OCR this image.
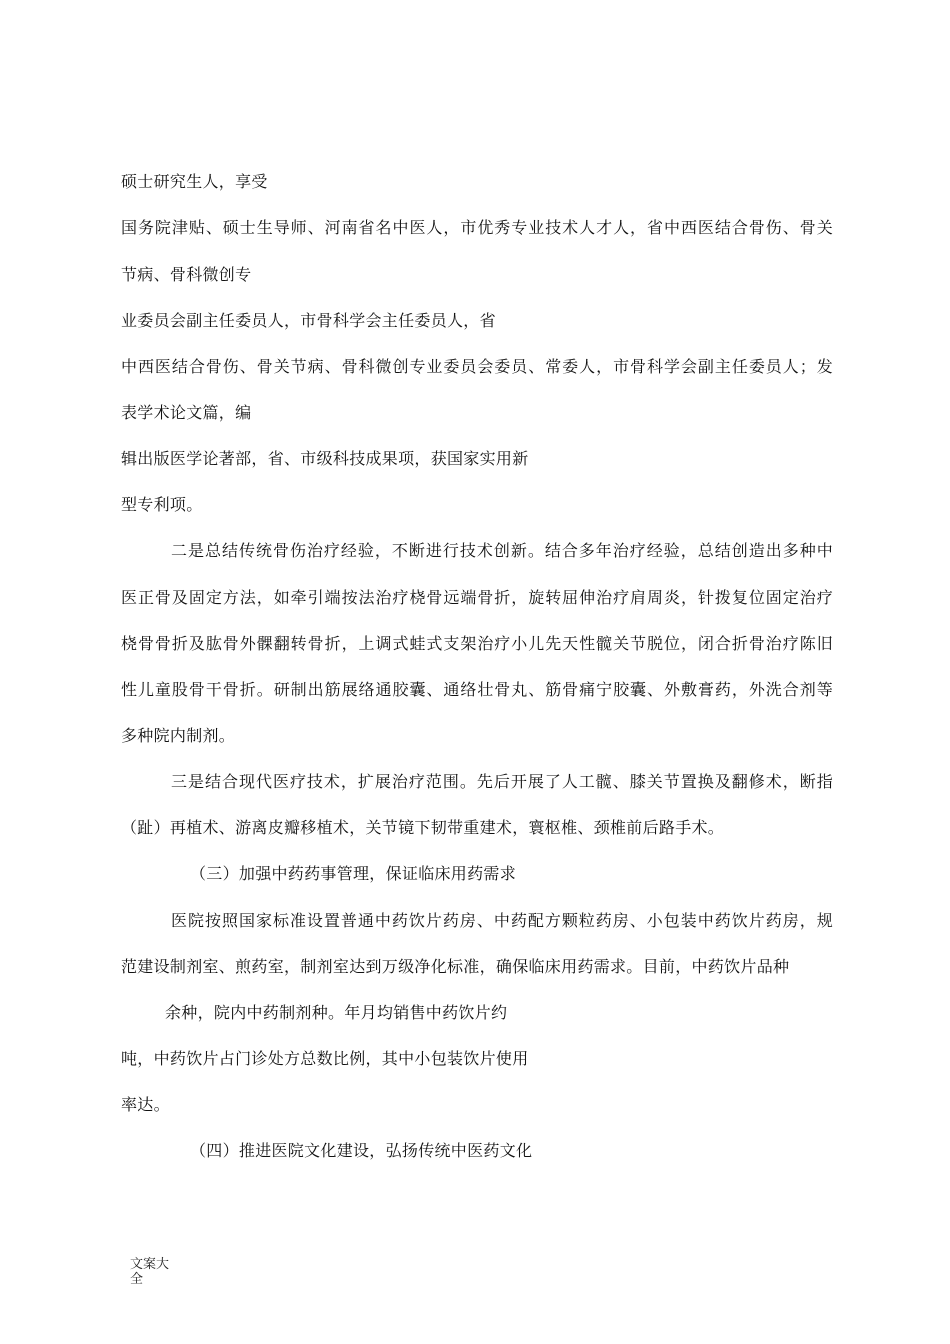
硕士研究生人，享受
国务院津贴、硕士生导师、河南省名中医人，市优秀专业技术人才人，省中西医结合骨伤、骨关
节病、骨科微创专
业委员会副主任委员人，市骨科学会主任委员人，省
中西医结合骨伤、骨关节病、骨科微创专业委员会委员、常委人，市骨科学会副主任委员人；发
表学术论文篇，编
辑出版医学论著部，省、市级科技成果项，获国家实用新
型专利项。
二是总结传统骨伤治疗经验，不断进行技术创新。结合多年治疗经验，总结创造出多种中
医正骨及固定方法，如牵引端按法治疗桡骨远端骨折，旋转屈伸治疗肩周炎，针拨复位固定治疗
桡骨骨折及肱骨外髁翻转骨折，上调式蛙式支架治疗小儿先天性髋关节脱位，闭合折骨治疗陈旧
性儿童股骨干骨折。研制出筋展络通胶囊、通络壮骨丸、筋骨痛宁胶囊、外敷膏药，外洗合剂等
多种院内制剂。
三是结合现代医疗技术，扩展治疗范围。先后开展了人工髋、膝关节置换及翻修术，断指
（趾）再植术、游离皮瓣移植术，关节镜下韧带重建术，寰枢椎、颈椎前后路手术。
（三）加强中药药事管理，保证临床用药需求
医院按照国家标准设置普通中药饮片药房、中药配方颗粒药房、小包装中药饮片药房，规
范建设制剂室、煎药室，制剂室达到万级净化标准，确保临床用药需求。目前，中药饮片品种
余种，院内中药制剂种。年月均销售中药饮片约
吨，中药饮片占门诊处方总数比例，其中小包装饮片使用
率达。
（四）推进医院文化建设，弘扬传统中医药文化
文案大全
